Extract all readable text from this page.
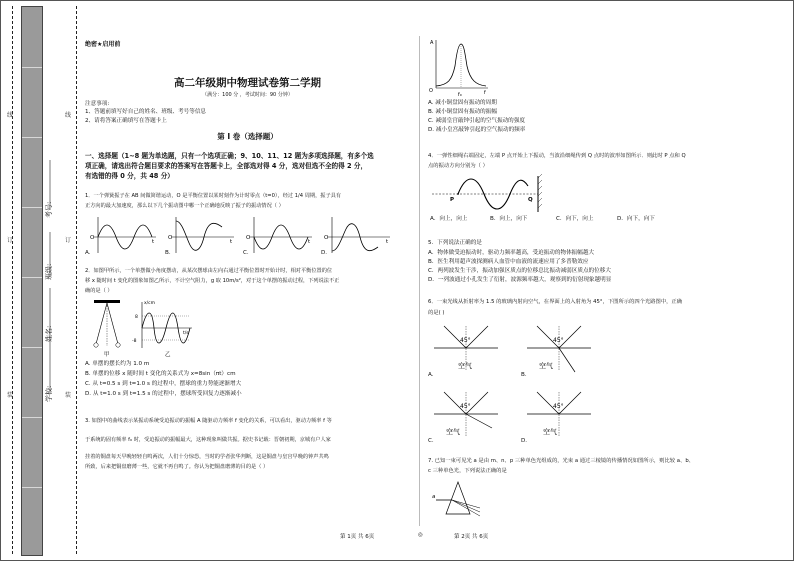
线
订
装
线
订
装
学校:
姓名:
班级:
考号:
绝密★启用前
高二年级期中物理试卷第二学期
（满分：100 分 ，考试时间：90 分钟）
注意事项:
1、答题前填写好自己的姓名、班级、考号等信息
2、请将答案正确填写在答题卡上
第 I 卷（选择题）
一、选择题（1~8 题为单选题，只有一个选项正确；9、10、11、12 题为多项选择题，有多个选
项正确，请选出符合题目要求的答案写在答题卡上，全部选对得 4 分，选对但选不全的得 2 分，
有选错的得 0 分，共 48 分）
1．一个弹簧振子在 AB 间做简谐运动，O 是平衡位置以某时刻作为计时零点（t=0），经过 1/4 周期，振子具有
正方向的最大加速度，那么以下几个振动图中哪一个正确地反映了振子的振动情况（ ）
O
t
O
t
O
t
O
t
A.	B.	C.	D.
2．如图甲所示，一个单摆做小角度摆动，从某次摆球由左向右通过平衡位置时开始计时，相对平衡位置的位
移 x 随时间 t 变化的图象如图乙所示，不计空气阻力，g 取 10m/s²，对于这个单摆的振动过程，下列说法不正
确的是（ ）
甲
x/cm
t/s
8
-8
乙
A. 单摆的摆长约为 1.0 m
B. 单摆的位移 x 随时间 t 变化的关系式为 x=8sin（πt）cm
C. 从 t=0.5 s 到 t=1.0 s 的过程中，摆球的重力势能逐渐增大
D. 从 t=1.0 s 到 t=1.5 s 的过程中，摆球所受回复力逐渐减小
3. 如图中的曲线表示某振动系统受迫振动的振幅 A 随驱动力频率 f 变化的关系，可以看出，驱动力频率 f 等
于系统的固有频率 f₀ 时，受迫振动的振幅最大，这种现象叫做共振。据史书记载：晋朝初期，京城有户人家
挂着的铜盘每天早晚轻轻自鸣两次，人们十分惊恐，当时的学者张华判断，这是铜盘与皇宫早晚的钟声共鸣
所致，后来把铜盘磨薄一些，它就不再自鸣了。你认为把铜盘磨薄的目的是（ ）
A
O	f
f₀
A. 减小铜盘固有振动的周期
B. 减小铜盘固有振动的振幅
C. 减弱皇宫敲钟引起的空气振动的强度
D. 减小皇宫敲钟引起的空气振动的频率
4．一弹性细绳右端固定，左端 P 点开始上下振动，当波沿细绳传到 Q 点时的波形如图所示．则此时 P 点和 Q
点的振动方向分别为（ ）
P	Q
A．向上，向上	B．向上，向下	C．向下，向上	D．向下，向下
5．下列说法正确的是
A．物体做受迫振动时，驱动力频率越高，受迫振动的物体振幅越大
B．医生利用超声波探测病人血管中血液的流速应用了多普勒效应
C．两列波发生干涉，振动加强区质点的位移总比振动减弱区质点的位移大
D．一列波通过小孔发生了衍射，波源频率越大，观察到的衍射现象越明显
6．一束光线从折射率为 1.5 的玻璃内射向空气，在界面上的入射角为 45°，下图所示的四个光路图中，正确
的是( )
45°
空气
45°
空气
45°
空气
45°
空气
A.	B.
C.	D.
7. 已知一束可见光 a 是由 m、n、p 三种单色光组成的，光束 a 通过三棱镜的传播情况如图所示，则比较 a、b、
c 三种单色光，下列说法正确的是
a
第 1页 共 6页	◎	第 2页 共 6页
